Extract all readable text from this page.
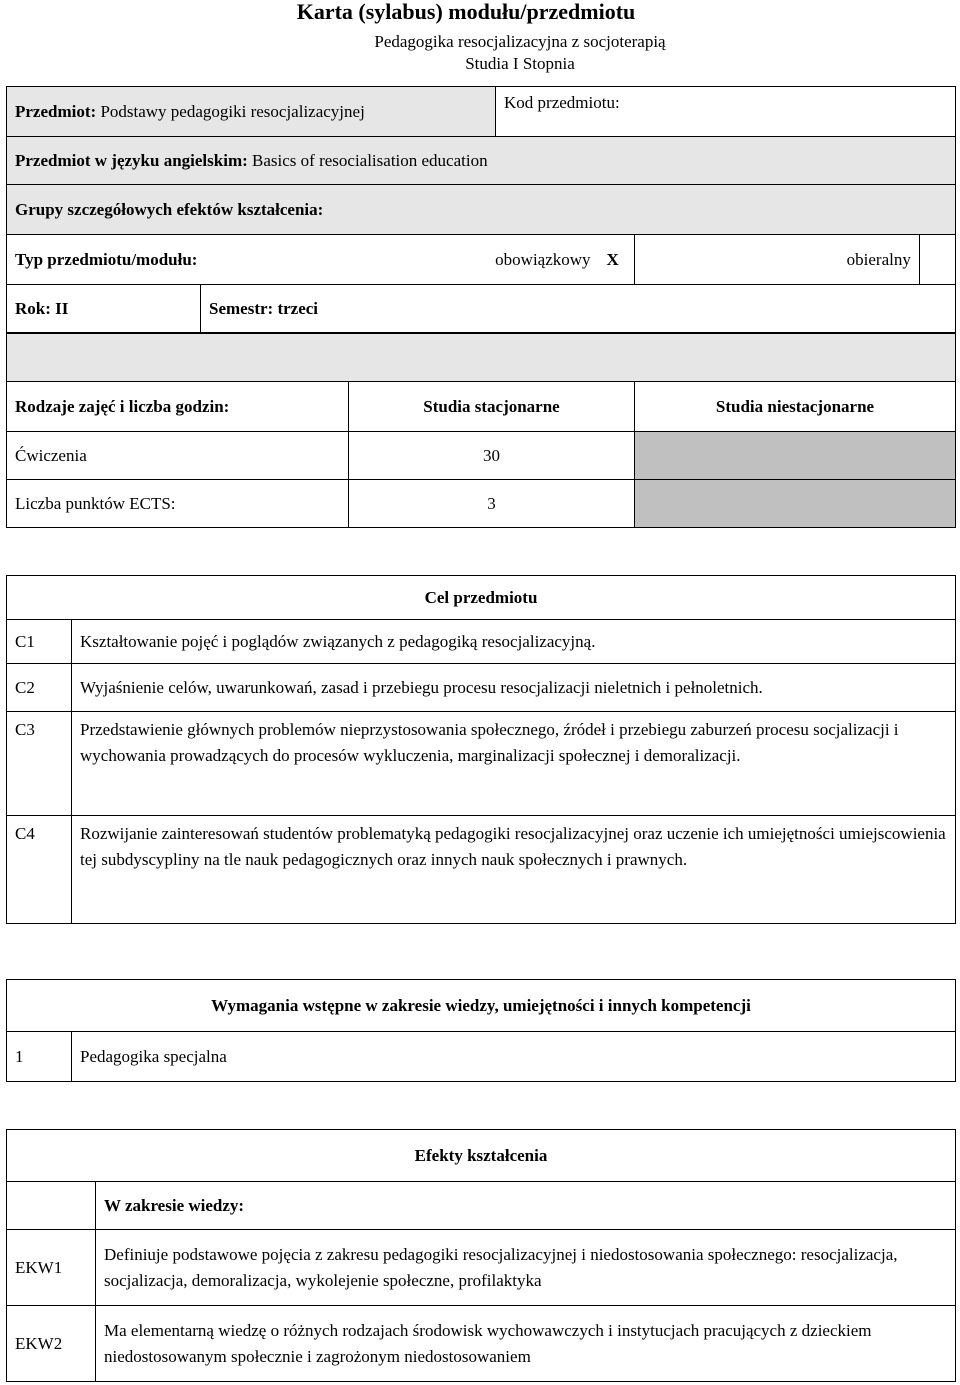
Karta (sylabus) modułu/przedmiotu
Pedagogika resocjalizacyjna z socjoterapią
Studia I Stopnia
Przedmiot: Podstawy pedagogiki resocjalizacyjnej	Kod przedmiotu:
Przedmiot w języku angielskim: Basics of resocialisation education
Grupy szczegółowych efektów kształcenia:
Typ przedmiotu/modułu:	obowiązkowy	X	obieralny	
Rok: II	Semestr: trzeci

Rodzaje zajęć i liczba godzin:	Studia stacjonarne	Studia niestacjonarne
Ćwiczenia	30	
Liczba punktów ECTS:	3	
Cel przedmiotu	
C1	Kształtowanie pojęć i poglądów związanych z pedagogiką resocjalizacyjną.
C2	Wyjaśnienie celów, uwarunkowań, zasad i przebiegu procesu resocjalizacji nieletnich i pełnoletnich.
C3	Przedstawienie głównych problemów nieprzystosowania społecznego, źródeł i przebiegu zaburzeń procesu socjalizacji i wychowania prowadzących do procesów wykluczenia, marginalizacji społecznej i demoralizacji.
C4	Rozwijanie zainteresowań studentów problematyką pedagogiki resocjalizacyjnej oraz uczenie ich umiejętności umiejscowienia tej subdyscypliny na tle nauk pedagogicznych oraz innych nauk społecznych i prawnych.
Wymagania wstępne w zakresie wiedzy, umiejętności i innych kompetencji
1	Pedagogika specjalna
Efekty kształcenia	
	W zakresie wiedzy:
EKW1	Definiuje podstawowe pojęcia z zakresu pedagogiki resocjalizacyjnej i niedostosowania społecznego: resocjalizacja, socjalizacja, demoralizacja, wykolejenie społeczne, profilaktyka
EKW2	Ma elementarną wiedzę o różnych rodzajach środowisk wychowawczych i instytucjach pracujących z dzieckiem niedostosowanym społecznie i zagrożonym niedostosowaniem
